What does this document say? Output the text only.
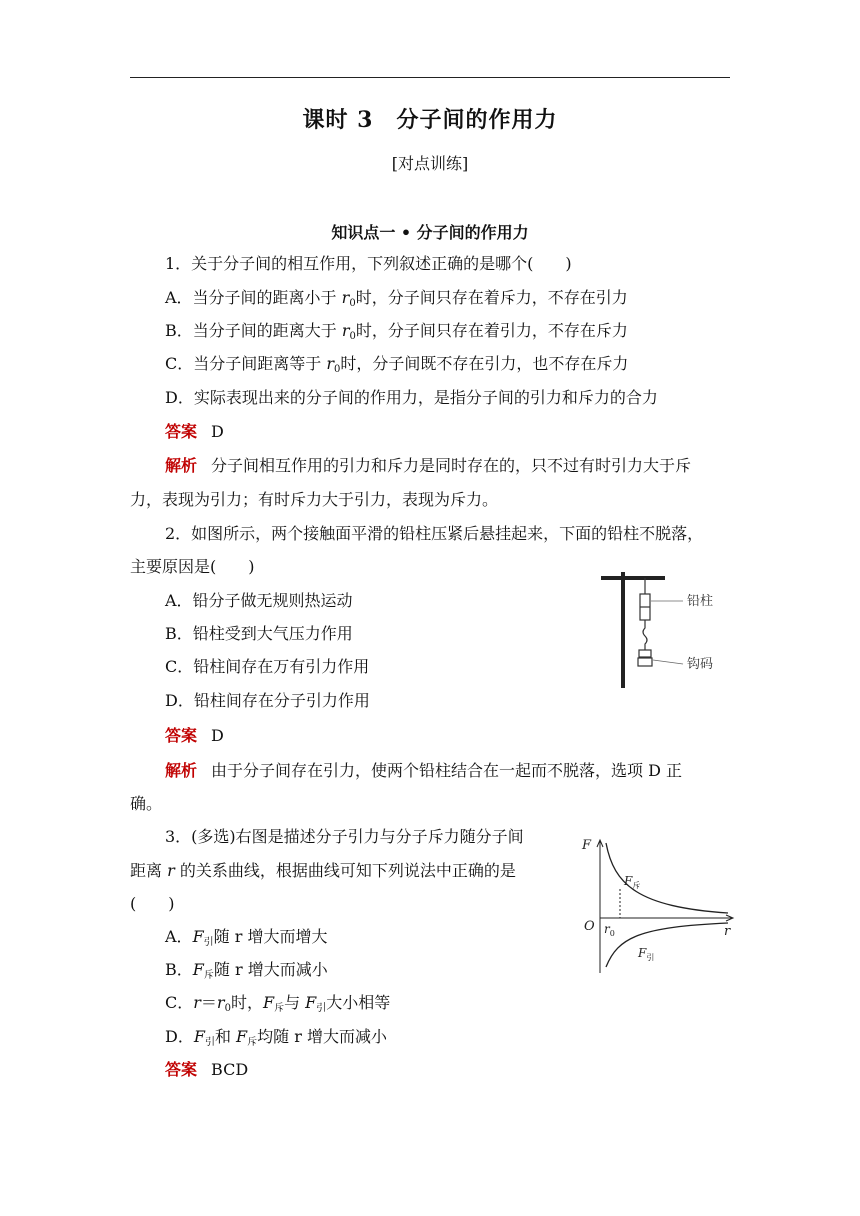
课时 3　分子间的作用力
[对点训练]
知识点一 • 分子间的作用力
1．关于分子间的相互作用，下列叙述正确的是哪个(　　)
A．当分子间的距离小于 $r_0$时，分子间只存在着斥力，不存在引力
B．当分子间的距离大于 $r_0$时，分子间只存在着引力，不存在斥力
C．当分子间距离等于 $r_0$时，分子间既不存在引力，也不存在斥力
D．实际表现出来的分子间的作用力，是指分子间的引力和斥力的合力
答案 D
解析 分子间相互作用的引力和斥力是同时存在的，只不过有时引力大于斥
力，表现为引力；有时斥力大于引力，表现为斥力。
2．如图所示，两个接触面平滑的铅柱压紧后悬挂起来，下面的铅柱不脱落，
主要原因是(　　)
A．铅分子做无规则热运动
B．铅柱受到大气压力作用
C．铅柱间存在万有引力作用
D．铅柱间存在分子引力作用
答案 D
解析 由于分子间存在引力，使两个铅柱结合在一起而不脱落，选项 D 正
确。
铅柱
钩码
3．(多选)右图是描述分子引力与分子斥力随分子间
距离 r 的关系曲线，根据曲线可知下列说法中正确的是
(　　)
A．$F_引$随 r 增大而增大
B．$F_斥$随 r 增大而减小
C．$r=r_0$时，$F_斥$与 $F_引$大小相等
D．$F_引$和 $F_斥$均随 r 增大而减小
答案 BCD
F
r
O $r_0$
$F_斥$
$F_引$
